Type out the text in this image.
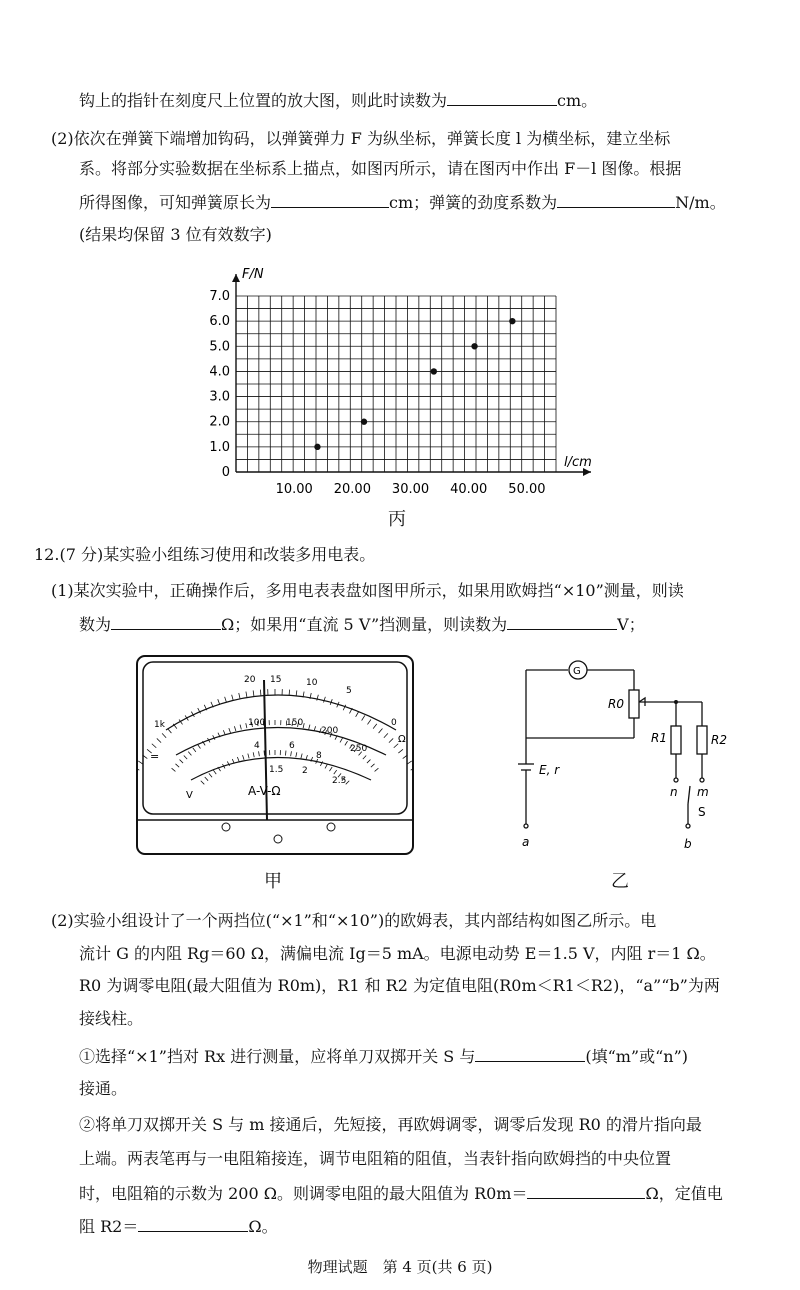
钩上的指针在刻度尺上位置的放大图，则此时读数为	cm。
(2)依次在弹簧下端增加钩码，以弹簧弹力 F 为纵坐标，弹簧长度 l 为横坐标，建立坐标
系。将部分实验数据在坐标系上描点，如图丙所示，请在图丙中作出 F－l 图像。根据
所得图像，可知弹簧原长为	cm；弹簧的劲度系数为	N/m。
(结果均保留 3 位有效数字)
F/N
l/cm
10.00 20.00 30.00 40.00 50.00
0
1.0
2.0
3.0
4.0
5.0
6.0
7.0
丙
12.(7 分)某实验小组练习使用和改装多用电表。
(1)某次实验中，正确操作后，多用电表表盘如图甲所示，如果用欧姆挡“×10”测量，则读
数为	Ω；如果用“直流 5 V”挡测量，则读数为	V；
1k
20 15	10
5
0
Ω
100 150
200
250
4	6
8
1.5 2
2.5
=
V	A-V-Ω
甲
G
R0
R1	R2
E, r
n m
S
a	b
乙
(2)实验小组设计了一个两挡位(“×1”和“×10”)的欧姆表，其内部结构如图乙所示。电
流计 G 的内阻 Rg＝60 Ω，满偏电流 Ig＝5 mA。电源电动势 E＝1.5 V，内阻 r＝1 Ω。
R0 为调零电阻(最大阻值为 R0m)，R1 和 R2 为定值电阻(R0m＜R1＜R2)，“a”“b”为两
接线柱。
①选择“×1”挡对 Rx 进行测量，应将单刀双掷开关 S 与	(填“m”或“n”)
接通。
②将单刀双掷开关 S 与 m 接通后，先短接，再欧姆调零，调零后发现 R0 的滑片指向最
上端。两表笔再与一电阻箱接连，调节电阻箱的阻值，当表针指向欧姆挡的中央位置
时，电阻箱的示数为 200 Ω。则调零电阻的最大阻值为 R0m＝	Ω，定值电
阻 R2＝	Ω。
物理试题　第 4 页(共 6 页)
